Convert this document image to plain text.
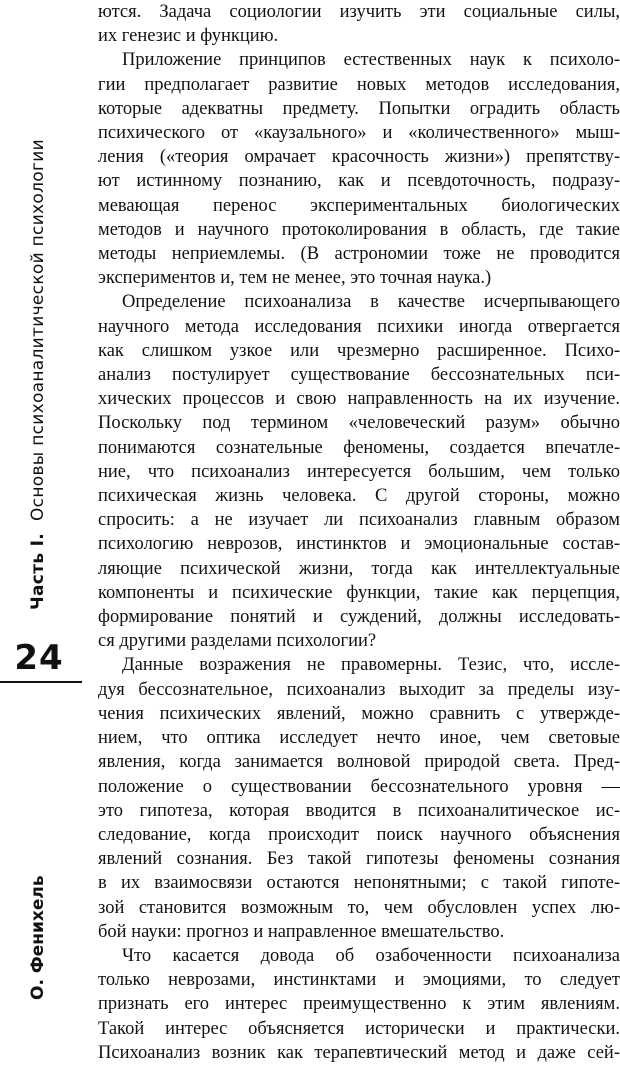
Часть I.Основы психоаналитической психологии
24
О. Фенихель

ются. Задача социологии изучить эти социальные силы,

их генезис и функцию.

Приложение принципов естественных наук к психоло-

гии предполагает развитие новых методов исследования,

которые адекватны предмету. Попытки оградить область

психического от «каузального» и «количественного» мыш-

ления («теория омрачает красочность жизни») препятству-

ют истинному познанию, как и псевдоточность, подразу-

мевающая перенос экспериментальных биологических

методов и научного протоколирования в область, где такие

методы неприемлемы. (В астрономии тоже не проводится

экспериментов и, тем не менее, это точная наука.)

Определение психоанализа в качестве исчерпывающего

научного метода исследования психики иногда отвергается

как слишком узкое или чрезмерно расширенное. Психо-

анализ постулирует существование бессознательных пси-

хических процессов и свою направленность на их изучение.

Поскольку под термином «человеческий разум» обычно

понимаются сознательные феномены, создается впечатле-

ние, что психоанализ интересуется большим, чем только

психическая жизнь человека. С другой стороны, можно

спросить: а не изучает ли психоанализ главным образом

психологию неврозов, инстинктов и эмоциональные состав-

ляющие психической жизни, тогда как интеллектуальные

компоненты и психические функции, такие как перцепция,

формирование понятий и суждений, должны исследовать-

ся другими разделами психологии?

Данные возражения не правомерны. Тезис, что, иссле-

дуя бессознательное, психоанализ выходит за пределы изу-

чения психических явлений, можно сравнить с утвержде-

нием, что оптика исследует нечто иное, чем световые

явления, когда занимается волновой природой света. Пред-

положение о существовании бессознательного уровня —

это гипотеза, которая вводится в психоаналитическое ис-

следование, когда происходит поиск научного объяснения

явлений сознания. Без такой гипотезы феномены сознания

в их взаимосвязи остаются непонятными; с такой гипоте-

зой становится возможным то, чем обусловлен успех лю-

бой науки: прогноз и направленное вмешательство.

Что касается довода об озабоченности психоанализа

только неврозами, инстинктами и эмоциями, то следует

признать его интерес преимущественно к этим явлениям.

Такой интерес объясняется исторически и практически.

Психоанализ возник как терапевтический метод и даже сей-
